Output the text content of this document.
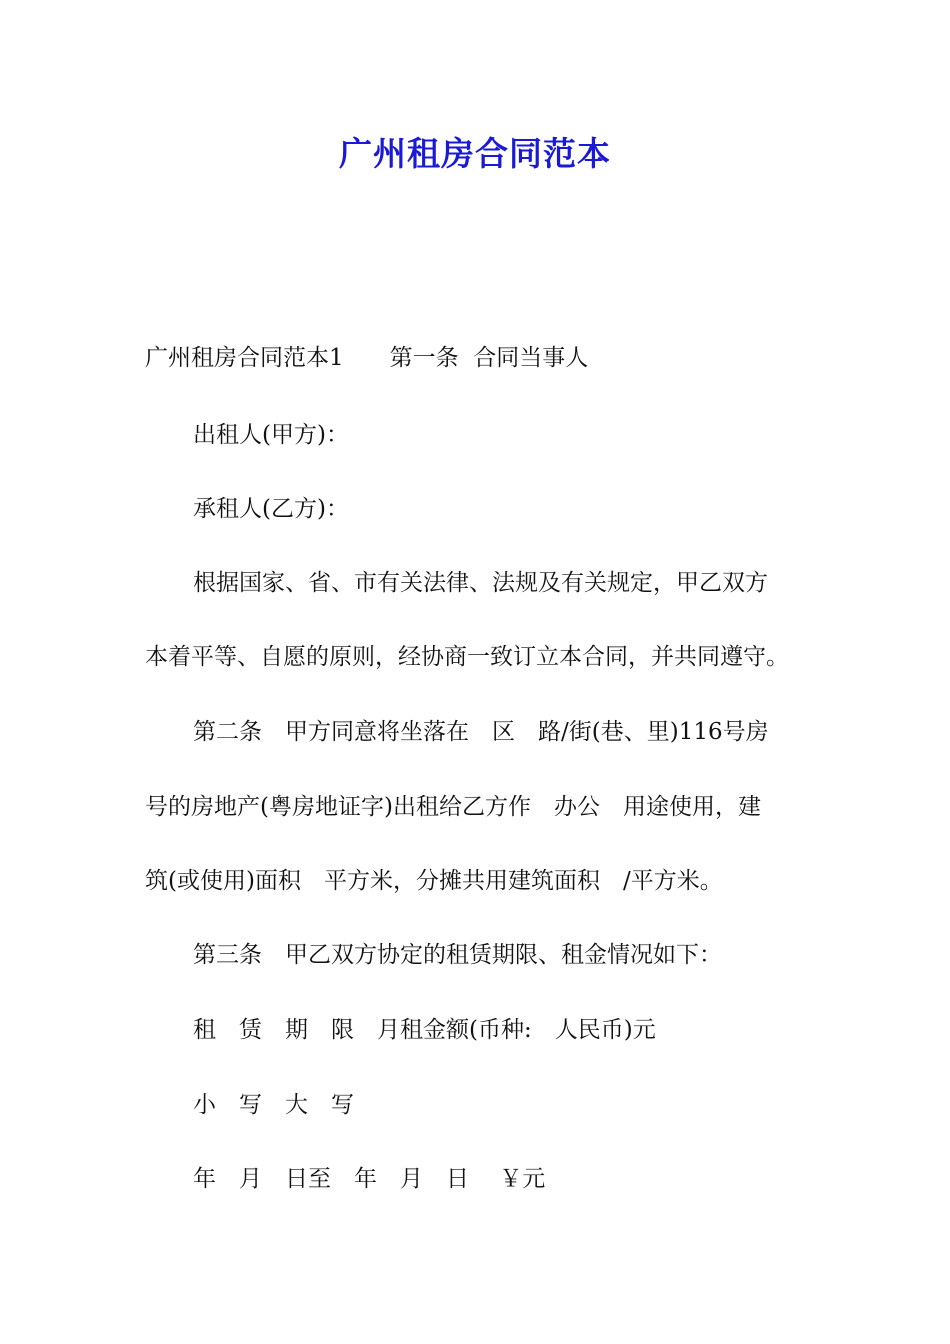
广州租房合同范本
广州租房合同范本1　　第一条  合同当事人
出租人(甲方)：
承租人(乙方)：
根据国家、省、市有关法律、法规及有关规定，甲乙双方
本着平等、自愿的原则，经协商一致订立本合同，并共同遵守。
第二条　甲方同意将坐落在　区　路/街(巷、里)116号房
号的房地产(粤房地证字)出租给乙方作　办公　用途使用，建
筑(或使用)面积　平方米，分摊共用建筑面积　/平方米。
第三条　甲乙双方协定的租赁期限、租金情况如下：
租　赁　期　限　月租金额(币种:　人民币)元
小　写　大　写
年　月　日至　年　月　日　 ￥元
